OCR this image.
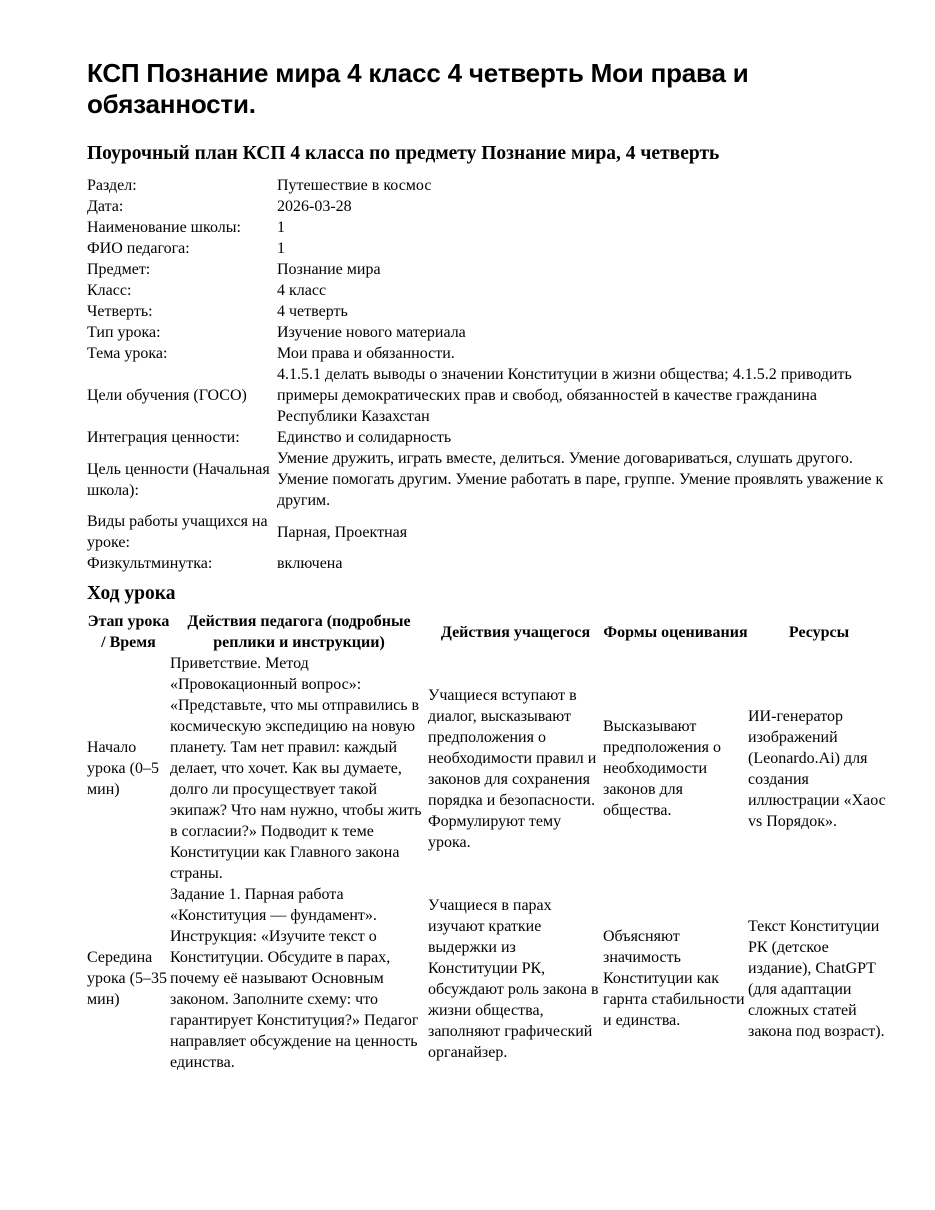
КСП Познание мира 4 класс 4 четверть Мои права и обязанности.
Поурочный план КСП 4 класса по предмету Познание мира, 4 четверть
Раздел:	Путешествие в космос
Дата:	2026-03-28
Наименование школы:	1
ФИО педагога:	1
Предмет:	Познание мира
Класс:	4 класс
Четверть:	4 четверть
Тип урока:	Изучение нового материала
Тема урока:	Мои права и обязанности.
Цели обучения (ГОСО)	4.1.5.1 делать выводы о значении Конституции в жизни общества; 4.1.5.2 приводить примеры демократических прав и свобод, обязанностей в качестве гражданина Республики Казахстан
Интеграция ценности:	Единство и солидарность
Цель ценности (Начальная школа):	Умение дружить, играть вместе, делиться. Умение договариваться, слушать другого. Умение помогать другим. Умение работать в паре, группе. Умение проявлять уважение к другим.
Виды работы учащихся на уроке:	Парная, Проектная
Физкультминутка:	включена
Ход урока
Этап урока / Время	Действия педагога (подробные реплики и инструкции)	Действия учащегося	Формы оценивания	Ресурсы
Начало урока (0–5 мин)	Приветствие. Метод «Провокационный вопрос»: «Представьте, что мы отправились в космическую экспедицию на новую планету. Там нет правил: каждый делает, что хочет. Как вы думаете, долго ли просуществует такой экипаж? Что нам нужно, чтобы жить в согласии?» Подводит к теме Конституции как Главного закона страны.	Учащиеся вступают в диалог, высказывают предположения о необходимости правил и законов для сохранения порядка и безопасности. Формулируют тему урока.	Высказывают предположения о необходимости законов для общества.	ИИ-генератор изображений (Leonardo.Ai) для создания иллюстрации «Хаос vs Порядок».
Середина урока (5–35 мин)	Задание 1. Парная работа «Конституция — фундамент». Инструкция: «Изучите текст о Конституции. Обсудите в парах, почему её называют Основным законом. Заполните схему: что гарантирует Конституция?» Педагог направляет обсуждение на ценность единства.	Учащиеся в парах изучают краткие выдержки из Конституции РК, обсуждают роль закона в жизни общества, заполняют графический органайзер.	Объясняют значимость Конституции как гарнта стабильности и единства.	Текст Конституции РК (детское издание), ChatGPT (для адаптации сложных статей закона под возраст).
